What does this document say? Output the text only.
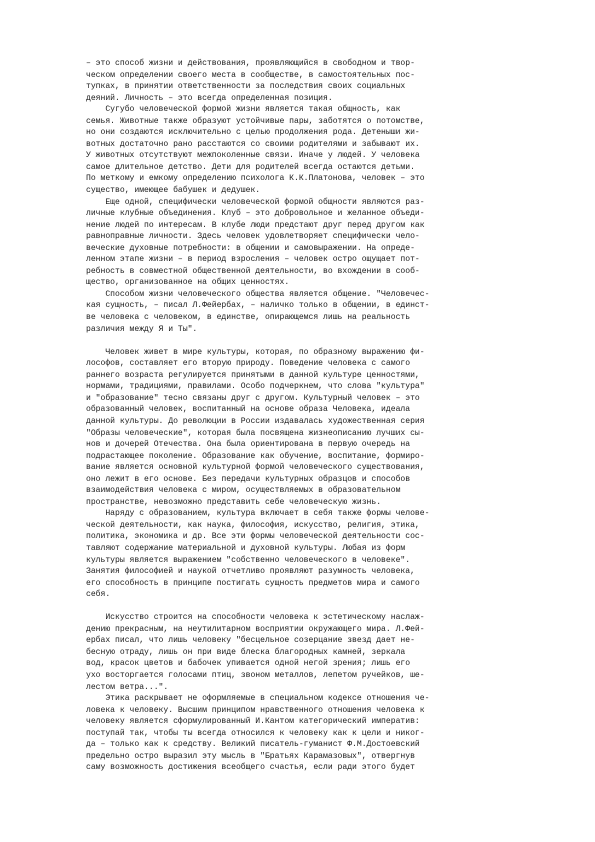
– это способ жизни и действования, проявляющийся в свободном и твор-
ческом определении своего места в сообществе, в самостоятельных пос-
тупках, в принятии ответственности за последствия своих социальных
деяний. Личность – это всегда определенная позиция.
Сугубо человеческой формой жизни является такая общность, как
семья. Животные также образуют устойчивые пары, заботятся о потомстве,
но они создаются исключительно с целью продолжения рода. Детеныши жи-
вотных достаточно рано расстаются со своими родителями и забывают их.
У животных отсутствуют межпоколенные связи. Иначе у людей. У человека
самое длительное детство. Дети для родителей всегда остаются детьми.
По меткому и емкому определению психолога К.К.Платонова, человек – это
существо, имеющее бабушек и дедушек.
Еще одной, специфически человеческой формой общности являются раз-
личные клубные объединения. Клуб – это добровольное и желанное объеди-
нение людей по интересам. В клубе люди предстают друг перед другом как
равноправные личности. Здесь человек удовлетворяет специфически чело-
веческие духовные потребности: в общении и самовыражении. На опреде-
ленном этапе жизни – в период взросления – человек остро ощущает пот-
ребность в совместной общественной деятельности, во вхождении в сооб-
щество, организованное на общих ценностях.
Способом жизни человеческого общества является общение. "Человечес-
кая сущность, – писал Л.Фейербах, – наличко только в общении, в единст-
ве человека с человеком, в единстве, опирающемся лишь на реальность
различия между Я и Ты".
Человек живет в мире культуры, которая, по образному выражению фи-
лософов, составляет его вторую природу. Поведение человека с самого
раннего возраста регулируется принятыми в данной культуре ценностями,
нормами, традициями, правилами. Особо подчеркнем, что слова "культура"
и "образование" тесно связаны друг с другом. Культурный человек – это
образованный человек, воспитанный на основе образа Человека, идеала
данной культуры. До революции в России издавалась художественная серия
"Образы человеческие", которая была посвящена жизнеописанию лучших сы-
нов и дочерей Отечества. Она была ориентирована в первую очередь на
подрастающее поколение. Образование как обучение, воспитание, формиро-
вание является основной культурной формой человеческого существования,
оно лежит в его основе. Без передачи культурных образцов и способов
взаимодействия человека с миром, осуществляемых в образовательном
пространстве, невозможно представить себе человеческую жизнь.
Наряду с образованием, культура включает в себя также формы челове-
ческой деятельности, как наука, философия, искусство, религия, этика,
политика, экономика и др. Все эти формы человеческой деятельности сос-
тавляют содержание материальной и духовной культуры. Любая из форм
культуры является выражением "собственно человеческого в человеке".
Занятия философией и наукой отчетливо проявляют разумность человека,
его способность в принципе постигать сущность предметов мира и самого
себя.
Искусство строится на способности человека к эстетическому наслаж-
дению прекрасным, на неутилитарном восприятии окружающего мира. Л.Фей-
ербах писал, что лишь человеку "бесцельное созерцание звезд дает не-
бесную отраду, лишь он при виде блеска благородных камней, зеркала
вод, красок цветов и бабочек упивается одной негой зрения; лишь его
ухо восторгается голосами птиц, звоном металлов, лепетом ручейков, ше-
лестом ветра...".
Этика раскрывает не оформляемые в специальном кодексе отношения че-
ловека к человеку. Высшим принципом нравственного отношения человека к
человеку является сформулированный И.Кантом категорический императив:
поступай так, чтобы ты всегда относился к человеку как к цели и никог-
да – только как к средству. Великий писатель-гуманист Ф.М.Достоевский
предельно остро выразил эту мысль в "Братьях Карамазовых", отвергнув
саму возможность достижения всеобщего счастья, если ради этого будет
